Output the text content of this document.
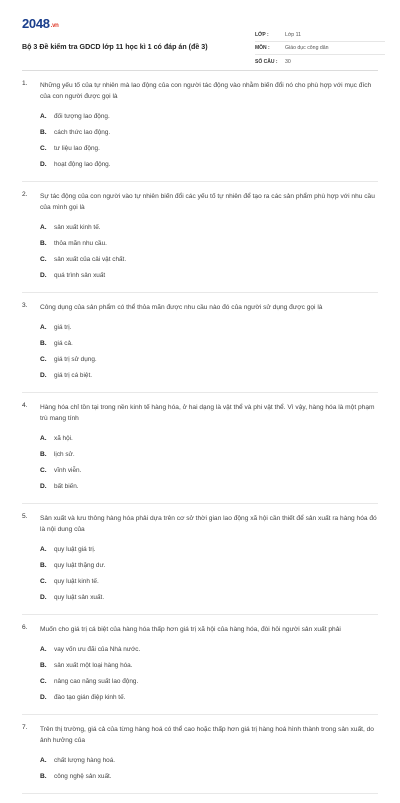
2048.vn
Bộ 3 Đề kiểm tra GDCD lớp 11 học kì 1 có đáp án (đề 3)
LỚP :	Lớp 11
MÔN :	Giáo dục công dân
SỐ CÂU : 30
1.	Những yếu tố của tự nhiên mà lao động của con người tác động vào nhằm biến đổi nó cho phù hợp với mục đích của con người được gọi là
A.	đối tượng lao động.
B.	cách thức lao động.
C.	tư liệu lao động.
D.	hoạt động lao động.
2.	Sự tác động của con người vào tự nhiên biến đổi các yếu tố tự nhiên để tạo ra các sản phẩm phù hợp với nhu cầu của mình gọi là
A.	sản xuất kinh tế.
B.	thỏa mãn nhu cầu.
C.	sản xuất của cải vật chất.
D.	quá trình sản xuất
3.	Công dụng của sản phẩm có thể thỏa mãn được nhu cầu nào đó của người sử dụng được gọi là
A.	giá trị.
B.	giá cả.
C.	giá trị sử dụng.
D.	giá trị cá biệt.
4.	Hàng hóa chỉ tồn tại trong nền kinh tế hàng hóa, ở hai dạng là vật thể và phi vật thể. Vì vậy, hàng hóa là một phạm trù mang tính
A.	xã hội.
B.	lịch sử.
C.	vĩnh viễn.
D.	bất biến.
5.	Sản xuất và lưu thông hàng hóa phải dựa trên cơ sở thời gian lao động xã hội cần thiết để sản xuất ra hàng hóa đó là nội dung của
A.	quy luật giá trị.
B.	quy luật thặng dư.
C.	quy luật kinh tế.
D.	quy luật sản xuất.
6.	Muốn cho giá trị cá biệt của hàng hóa thấp hơn giá trị xã hội của hàng hóa, đòi hỏi người sản xuất phải
A.	vay vốn ưu đãi của Nhà nước.
B.	sản xuất một loại hàng hóa.
C.	nâng cao năng suất lao động.
D.	đào tạo gián điệp kinh tế.
7.	Trên thị trường, giá cả của từng hàng hoá có thể cao hoặc thấp hơn giá trị hàng hoá hình thành trong sản xuất, do ảnh hưởng của
A.	chất lượng hàng hoá.
B.	công nghệ sản xuất.
